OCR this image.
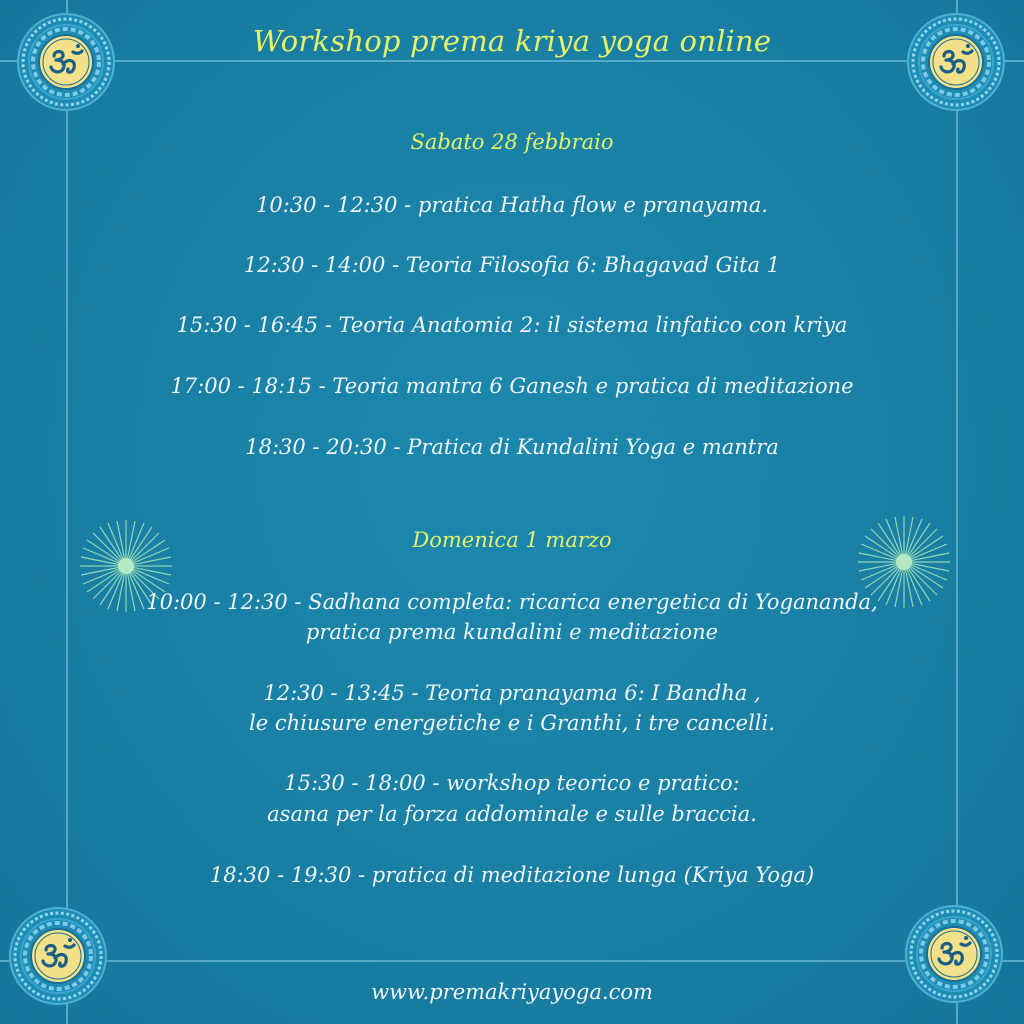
Workshop prema kriya yoga online
Sabato 28 febbraio
10:30 - 12:30 - pratica Hatha flow e pranayama.
12:30 - 14:00 - Teoria Filosofia 6: Bhagavad Gita 1
15:30 - 16:45 - Teoria Anatomia 2: il sistema linfatico con kriya
17:00 - 18:15 - Teoria mantra 6 Ganesh e pratica di meditazione
18:30 - 20:30 - Pratica di Kundalini Yoga e mantra
Domenica 1 marzo
10:00 - 12:30 - Sadhana completa: ricarica energetica di Yogananda,
pratica prema kundalini e meditazione
12:30 - 13:45 - Teoria pranayama 6: I Bandha ,
le chiusure energetiche e i Granthi, i tre cancelli.
15:30 - 18:00 - workshop teorico e pratico:
asana per la forza addominale e sulle braccia.
18:30 - 19:30 - pratica di meditazione lunga (Kriya Yoga)
www.premakriyayoga.com
